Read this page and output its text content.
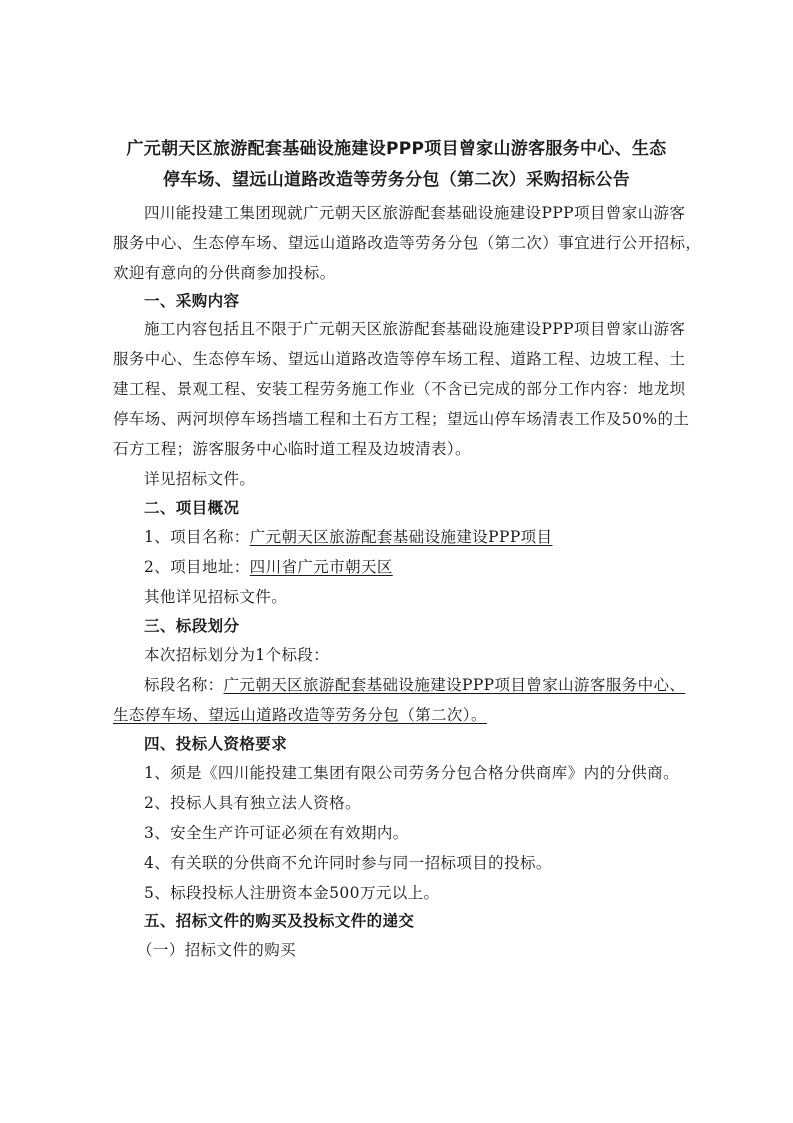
广元朝天区旅游配套基础设施建设PPP项目曾家山游客服务中心、生态
停车场、望远山道路改造等劳务分包（第二次）采购招标公告
四川能投建工集团现就广元朝天区旅游配套基础设施建设PPP项目曾家山游客
服务中心、生态停车场、望远山道路改造等劳务分包（第二次）事宜进行公开招标，
欢迎有意向的分供商参加投标。
一、采购内容
施工内容包括且不限于广元朝天区旅游配套基础设施建设PPP项目曾家山游客
服务中心、生态停车场、望远山道路改造等停车场工程、道路工程、边坡工程、土
建工程、景观工程、安装工程劳务施工作业（不含已完成的部分工作内容：地龙坝
停车场、两河坝停车场挡墙工程和土石方工程；望远山停车场清表工作及50%的土
石方工程；游客服务中心临时道工程及边坡清表）。
详见招标文件。
二、项目概况
1、项目名称：广元朝天区旅游配套基础设施建设PPP项目
2、项目地址：四川省广元市朝天区
其他详见招标文件。
三、标段划分
本次招标划分为1个标段：
标段名称：广元朝天区旅游配套基础设施建设PPP项目曾家山游客服务中心、
生态停车场、望远山道路改造等劳务分包（第二次）。
四、投标人资格要求
1、须是《四川能投建工集团有限公司劳务分包合格分供商库》内的分供商。
2、投标人具有独立法人资格。
3、安全生产许可证必须在有效期内。
4、有关联的分供商不允许同时参与同一招标项目的投标。
5、标段投标人注册资本金500万元以上。
五、招标文件的购买及投标文件的递交
（一）招标文件的购买
